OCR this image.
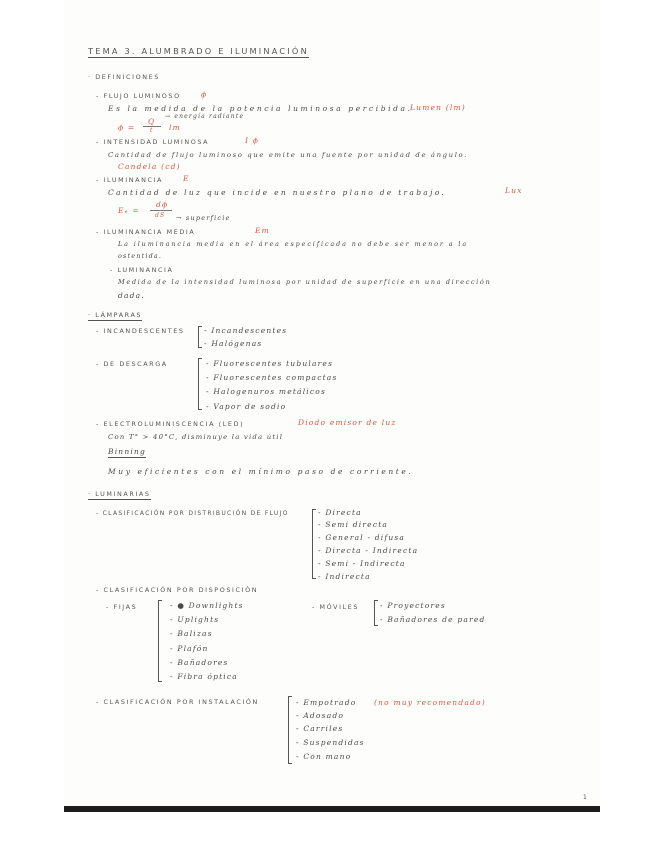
TEMA 3. ALUMBRADO E ILUMINACIÓN
· DEFINICIONES
- FLUJO LUMINOSO	ϕ
Es la medida de la potencia luminosa percibida.
Lumen (lm)
→ energía radiante
ϕ =
Q
t lm
- INTENSIDAD LUMINOSA	I ϕ
Cantidad de flujo luminoso que emite una fuente por unidad de ángulo.
Candela (cd)
- ILUMINANCIA	E
Cantidad de luz que incide en nuestro plano de trabajo.	Lux
Eₑ =
dϕ
dS → superficie
- ILUMINANCIA MEDIA	Em
La iluminancia media en el área especificada no debe ser menor a la
ostentida.
- LUMINANCIA
Medida de la intensidad luminosa por unidad de superficie en una dirección
dada.
· LÁMPARAS
- INCANDESCENTES	- Incandescentes
- Halógenas
- DE DESCARGA	- Fluorescentes tubulares
- Fluorescentes compactas
- Halogenuros metálicos
- Vapor de sodio
- ELECTROLUMINISCENCIA (LED)	Diodo emisor de luz
Con T° > 40°C, disminuye la vida útil
Binning
Muy eficientes con el mínimo paso de corriente.
· LUMINARIAS
- CLASIFICACIÓN POR DISTRIBUCIÓN DE FLUJO	- Directa
- Semi directa
- General - difusa
- Directa - Indirecta
- Semi - Indirecta
- Indirecta
- CLASIFICACIÓN POR DISPOSICIÓN
- FIJAS	- ● Downlights
- Uplights
- Balizas
- Plafón
- Bañadores
- Fibra óptica
- MÓVILES	- Proyectores
- Bañadores de pared
- CLASIFICACIÓN POR INSTALACIÓN	- Empotrado (no muy recomendado)
- Adosado
- Carriles
- Suspendidas
- Con mano
1
